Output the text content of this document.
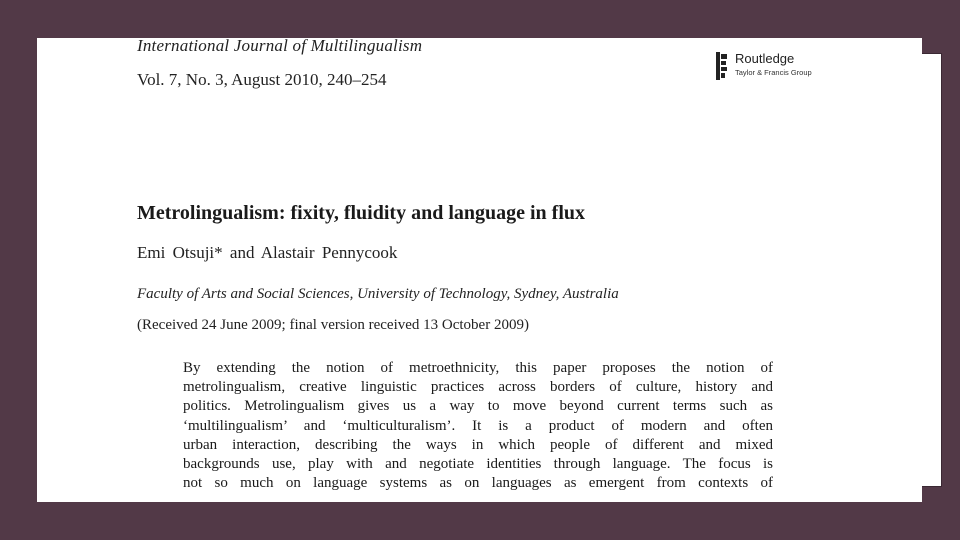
International Journal of Multilingualism
Vol. 7, No. 3, August 2010, 240–254
Routledge
Taylor & Francis Group
Metrolingualism: fixity, fluidity and language in flux
Emi Otsuji* and Alastair Pennycook
Faculty of Arts and Social Sciences, University of Technology, Sydney, Australia
(Received 24 June 2009; final version received 13 October 2009)
By extending the notion of metroethnicity, this paper proposes the notion of
metrolingualism, creative linguistic practices across borders of culture, history and
politics. Metrolingualism gives us a way to move beyond current terms such as
‘multilingualism’ and ‘multiculturalism’. It is a product of modern and often
urban interaction, describing the ways in which people of different and mixed
backgrounds use, play with and negotiate identities through language. The focus is
not so much on language systems as on languages as emergent from contexts of
